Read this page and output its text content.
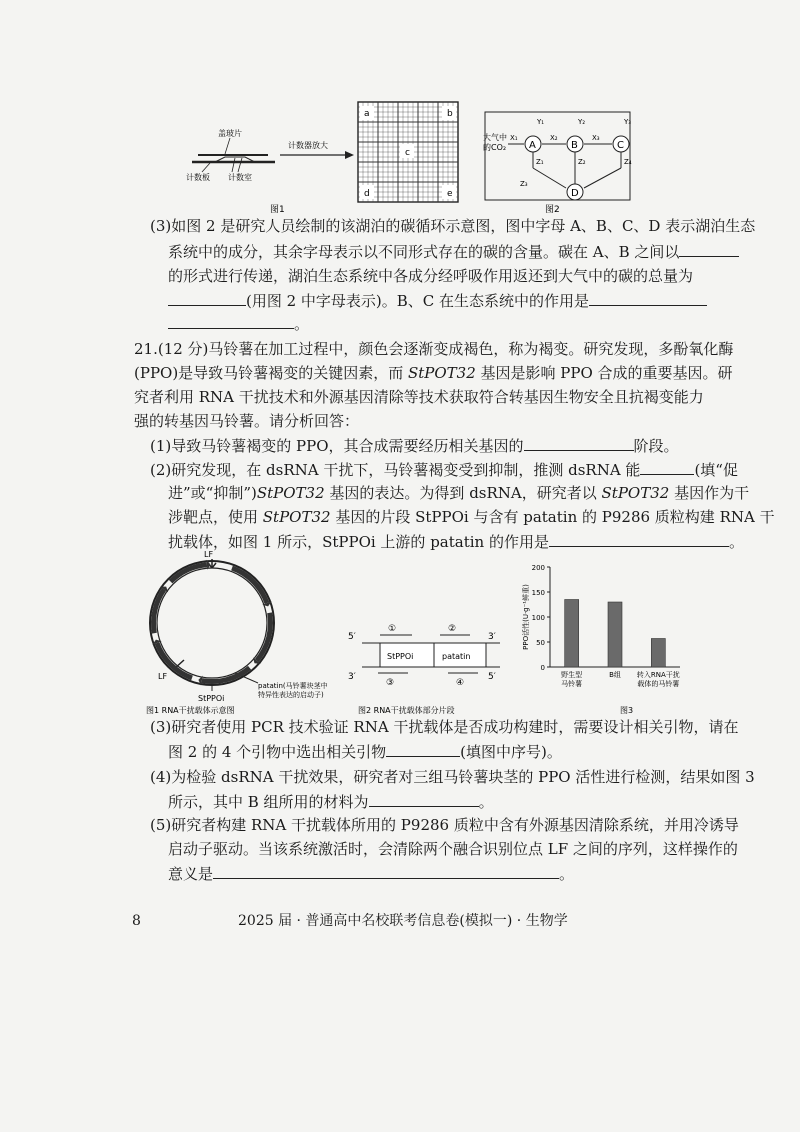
盖玻片
计数板 计数室
计数器放大
a	b
c
d	e
图1
大气中
的CO₂ A	B	C
D
X₁	X₂	X₃
Y₁	Y₂	Y₃
Z₁	Z₂
Z₃
Z₄
图2
(3)如图 2 是研究人员绘制的该湖泊的碳循环示意图，图中字母 A、B、C、D 表示湖泊生态
系统中的成分，其余字母表示以不同形式存在的碳的含量。碳在 A、B 之间以
的形式进行传递，湖泊生态系统中各成分经呼吸作用返还到大气中的碳的总量为
(用图 2 中字母表示)。B、C 在生态系统中的作用是
。
21.(12 分)马铃薯在加工过程中，颜色会逐渐变成褐色，称为褐变。研究发现，多酚氧化酶
(PPO)是导致马铃薯褐变的关键因素，而 StPOT32 基因是影响 PPO 合成的重要基因。研
究者利用 RNA 干扰技术和外源基因清除等技术获取符合转基因生物安全且抗褐变能力
强的转基因马铃薯。请分析回答：
(1)导致马铃薯褐变的 PPO，其合成需要经历相关基因的	阶段。
(2)研究发现，在 dsRNA 干扰下，马铃薯褐变受到抑制，推测 dsRNA 能	(填“促
进”或“抑制”)StPOT32 基因的表达。为得到 dsRNA，研究者以 StPOT32 基因作为干
涉靶点，使用 StPOT32 基因的片段 StPPOi 与含有 patatin 的 P9286 质粒构建 RNA 干
扰载体，如图 1 所示，StPPOi 上游的 patatin 的作用是	。
LF
LF
StPPOi
patatin(马铃薯块茎中
特异性表达的启动子)
StPPOi	patatin
5′	3′
3′	5′
①	②
③	④
0
50
100
150
200
PPO活性(U·g⁻¹鲜重)
野生型
马铃薯
B组 转入RNA干扰
载体的马铃薯
图1 RNA干扰载体示意图	图2 RNA干扰载体部分片段	图3
(3)研究者使用 PCR 技术验证 RNA 干扰载体是否成功构建时，需要设计相关引物，请在
图 2 的 4 个引物中选出相关引物	(填图中序号)。
(4)为检验 dsRNA 干扰效果，研究者对三组马铃薯块茎的 PPO 活性进行检测，结果如图 3
所示，其中 B 组所用的材料为	。
(5)研究者构建 RNA 干扰载体所用的 P9286 质粒中含有外源基因清除系统，并用冷诱导
启动子驱动。当该系统激活时，会清除两个融合识别位点 LF 之间的序列，这样操作的
意义是	。
8	2025 届 · 普通高中名校联考信息卷(模拟一) · 生物学
